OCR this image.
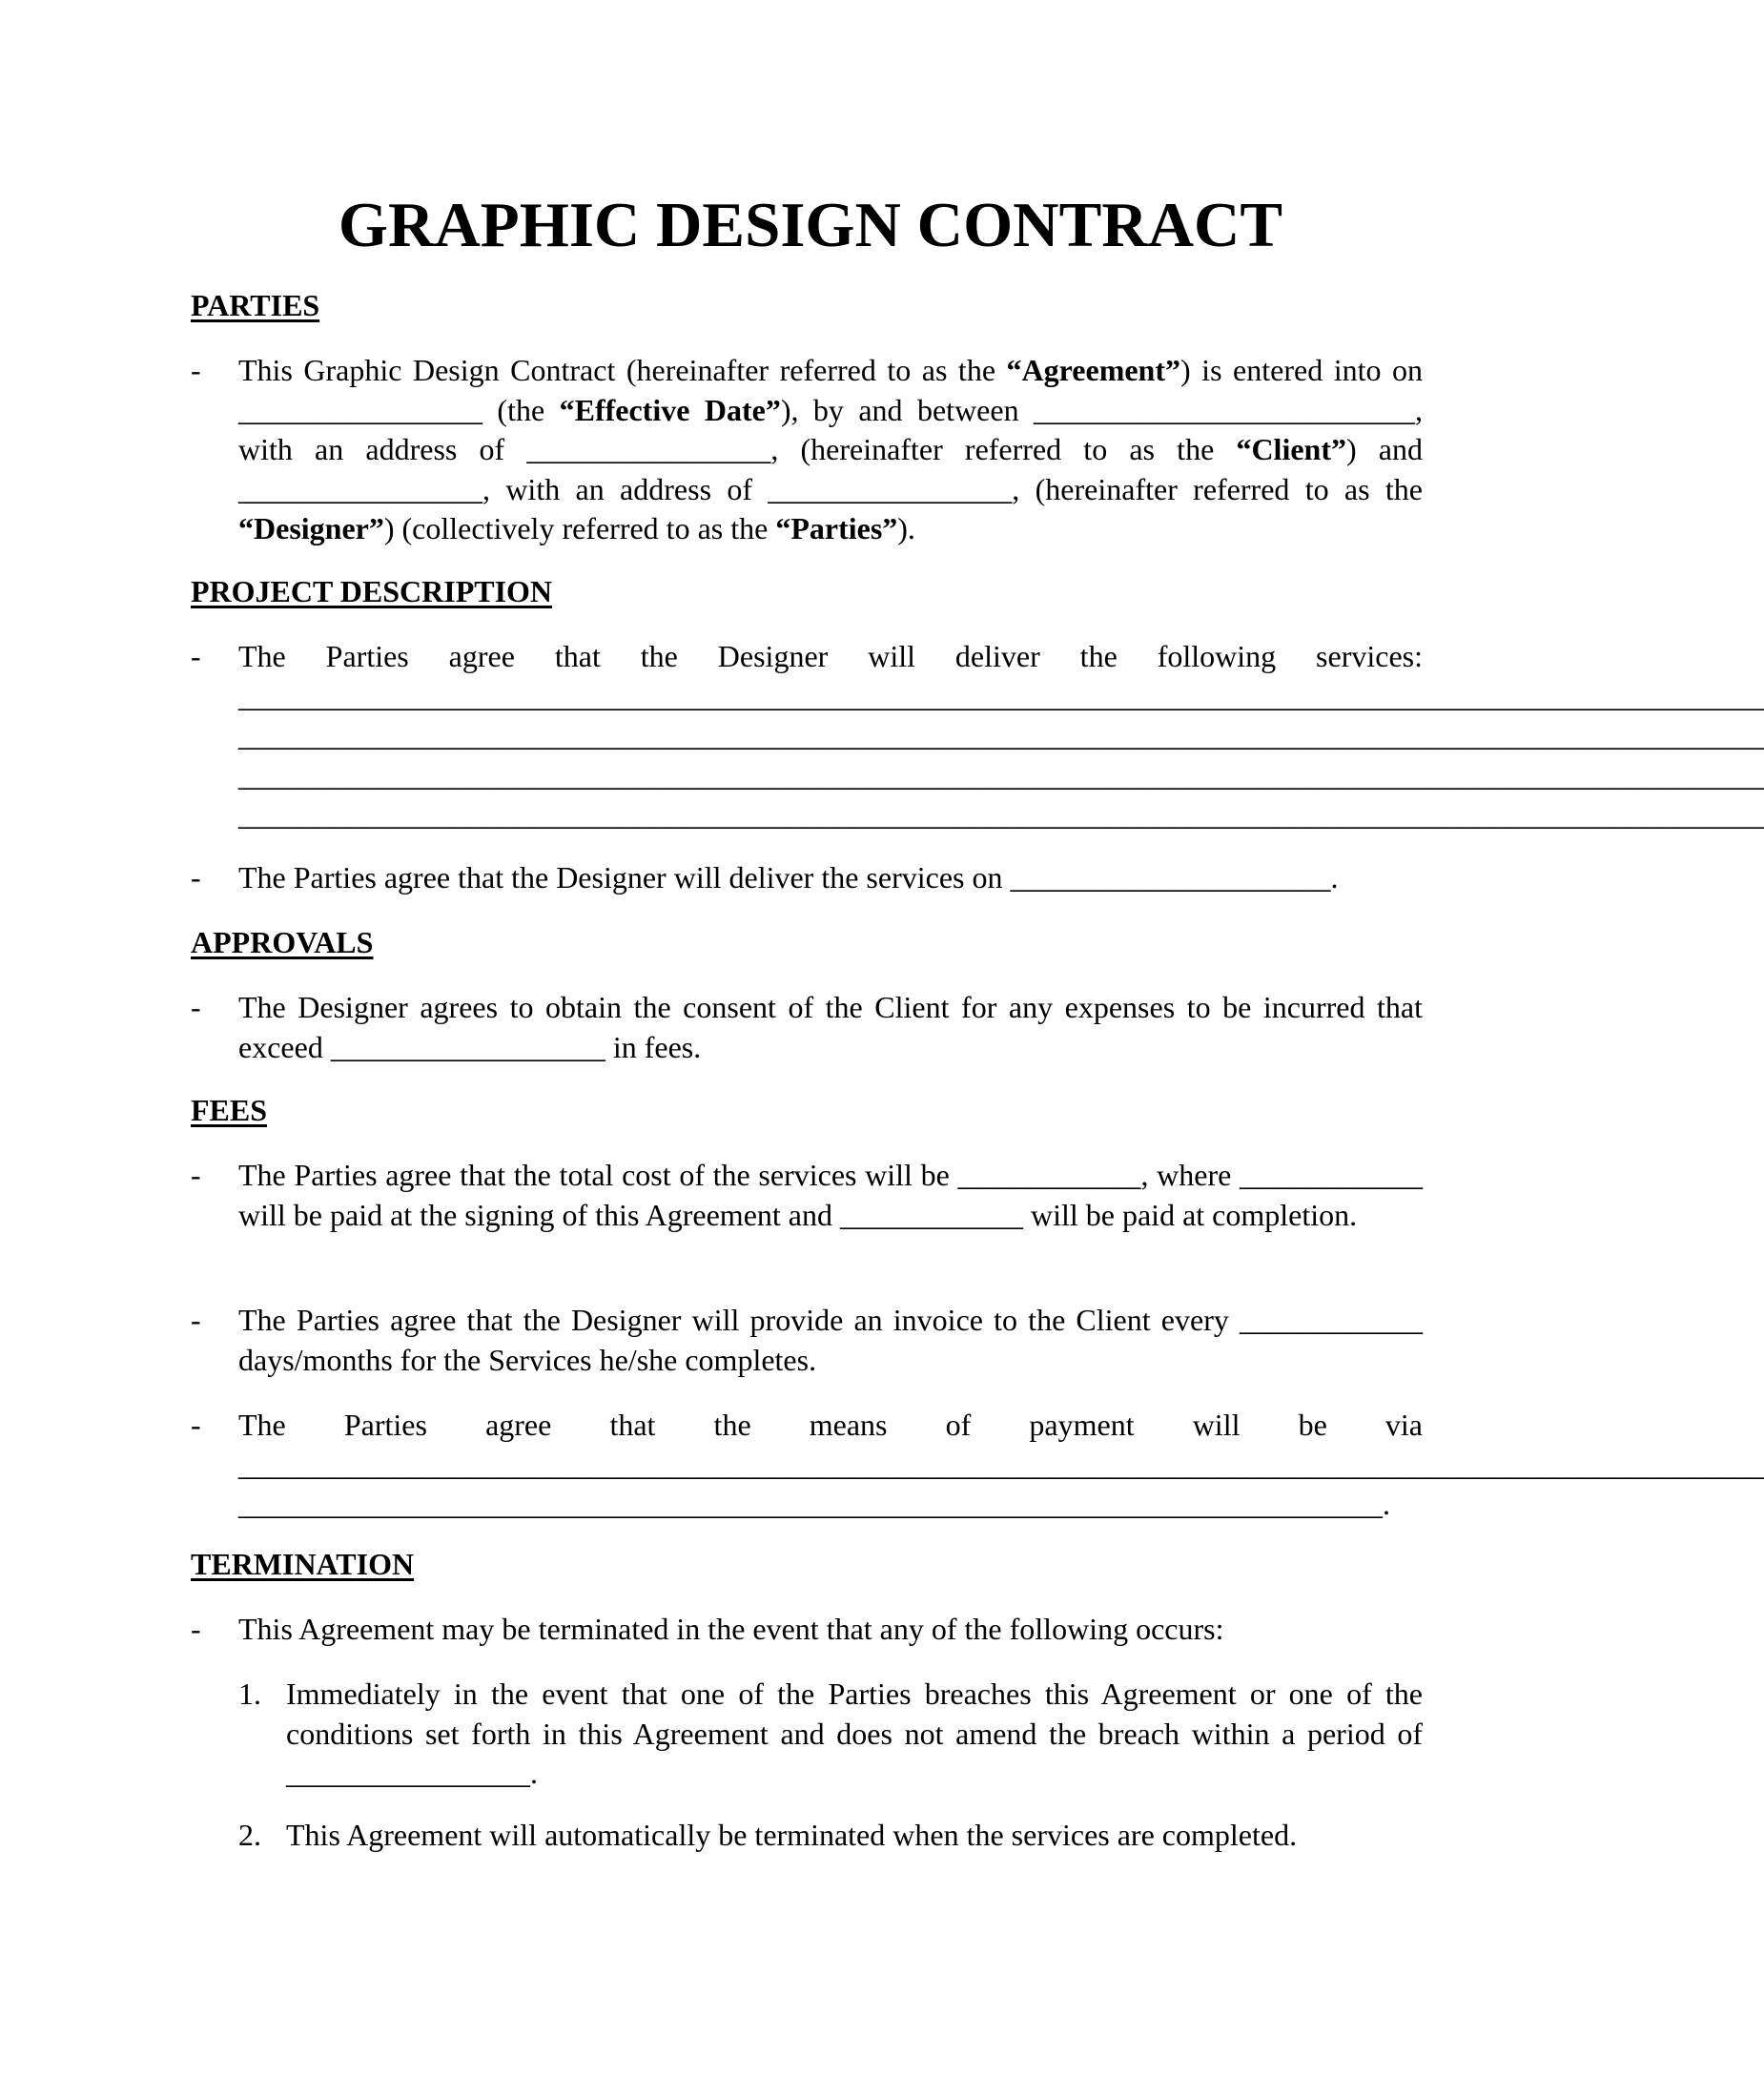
GRAPHIC DESIGN CONTRACT
PARTIES
-	This Graphic Design Contract (hereinafter referred to as the “Agreement”) is entered into on ________________ (the “Effective Date”), by and between _________________________, with an address of ________________, (hereinafter referred to as the “Client”) and ________________, with an address of ________________, (hereinafter referred to as the “Designer”) (collectively referred to as the “Parties”).
PROJECT DESCRIPTION
-	The Parties agree that the Designer will deliver the following services:
____________________________________________________________________________________________________
____________________________________________________________________________________________________
____________________________________________________________________________________________________
____________________________________________________________________________________________________
-	The Parties agree that the Designer will deliver the services on _____________________.
APPROVALS
-	The Designer agrees to obtain the consent of the Client for any expenses to be incurred that exceed __________________ in fees.
FEES
-	The Parties agree that the total cost of the services will be ____________, where ____________ will be paid at the signing of this Agreement and ____________ will be paid at completion.
-	The Parties agree that the Designer will provide an invoice to the Client every ____________ days/months for the Services he/she completes.
-	The Parties agree that the means of payment will be via
____________________________________________________________________________________________________
___________________________________________________________________________.
TERMINATION
-	This Agreement may be terminated in the event that any of the following occurs:
1. Immediately in the event that one of the Parties breaches this Agreement or one of the conditions set forth in this Agreement and does not amend the breach within a period of ________________.
2. This Agreement will automatically be terminated when the services are completed.
